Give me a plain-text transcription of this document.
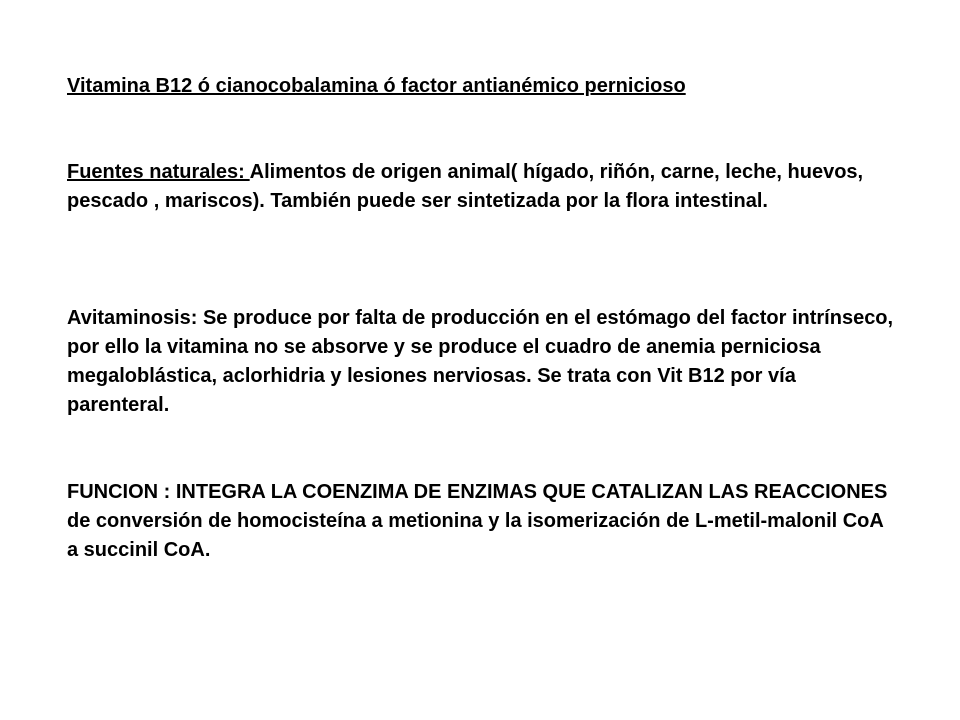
Vitamina B12 ó cianocobalamina ó factor antianémico pernicioso

Fuentes naturales: Alimentos de origen animal( hígado, riñón, carne, leche, huevos, pescado , mariscos). También puede ser sintetizada por la flora intestinal.

Avitaminosis: Se produce por falta de producción en el estómago del factor intrínseco, por ello la vitamina no se absorve y se produce el cuadro de anemia perniciosa megaloblástica, aclorhidria y lesiones nerviosas. Se trata con Vit B12 por vía parenteral.

FUNCION : INTEGRA LA COENZIMA DE ENZIMAS QUE CATALIZAN LAS REACCIONES de conversión de homocisteína a metionina y la isomerización de L-metil-malonil CoA a succinil CoA.
